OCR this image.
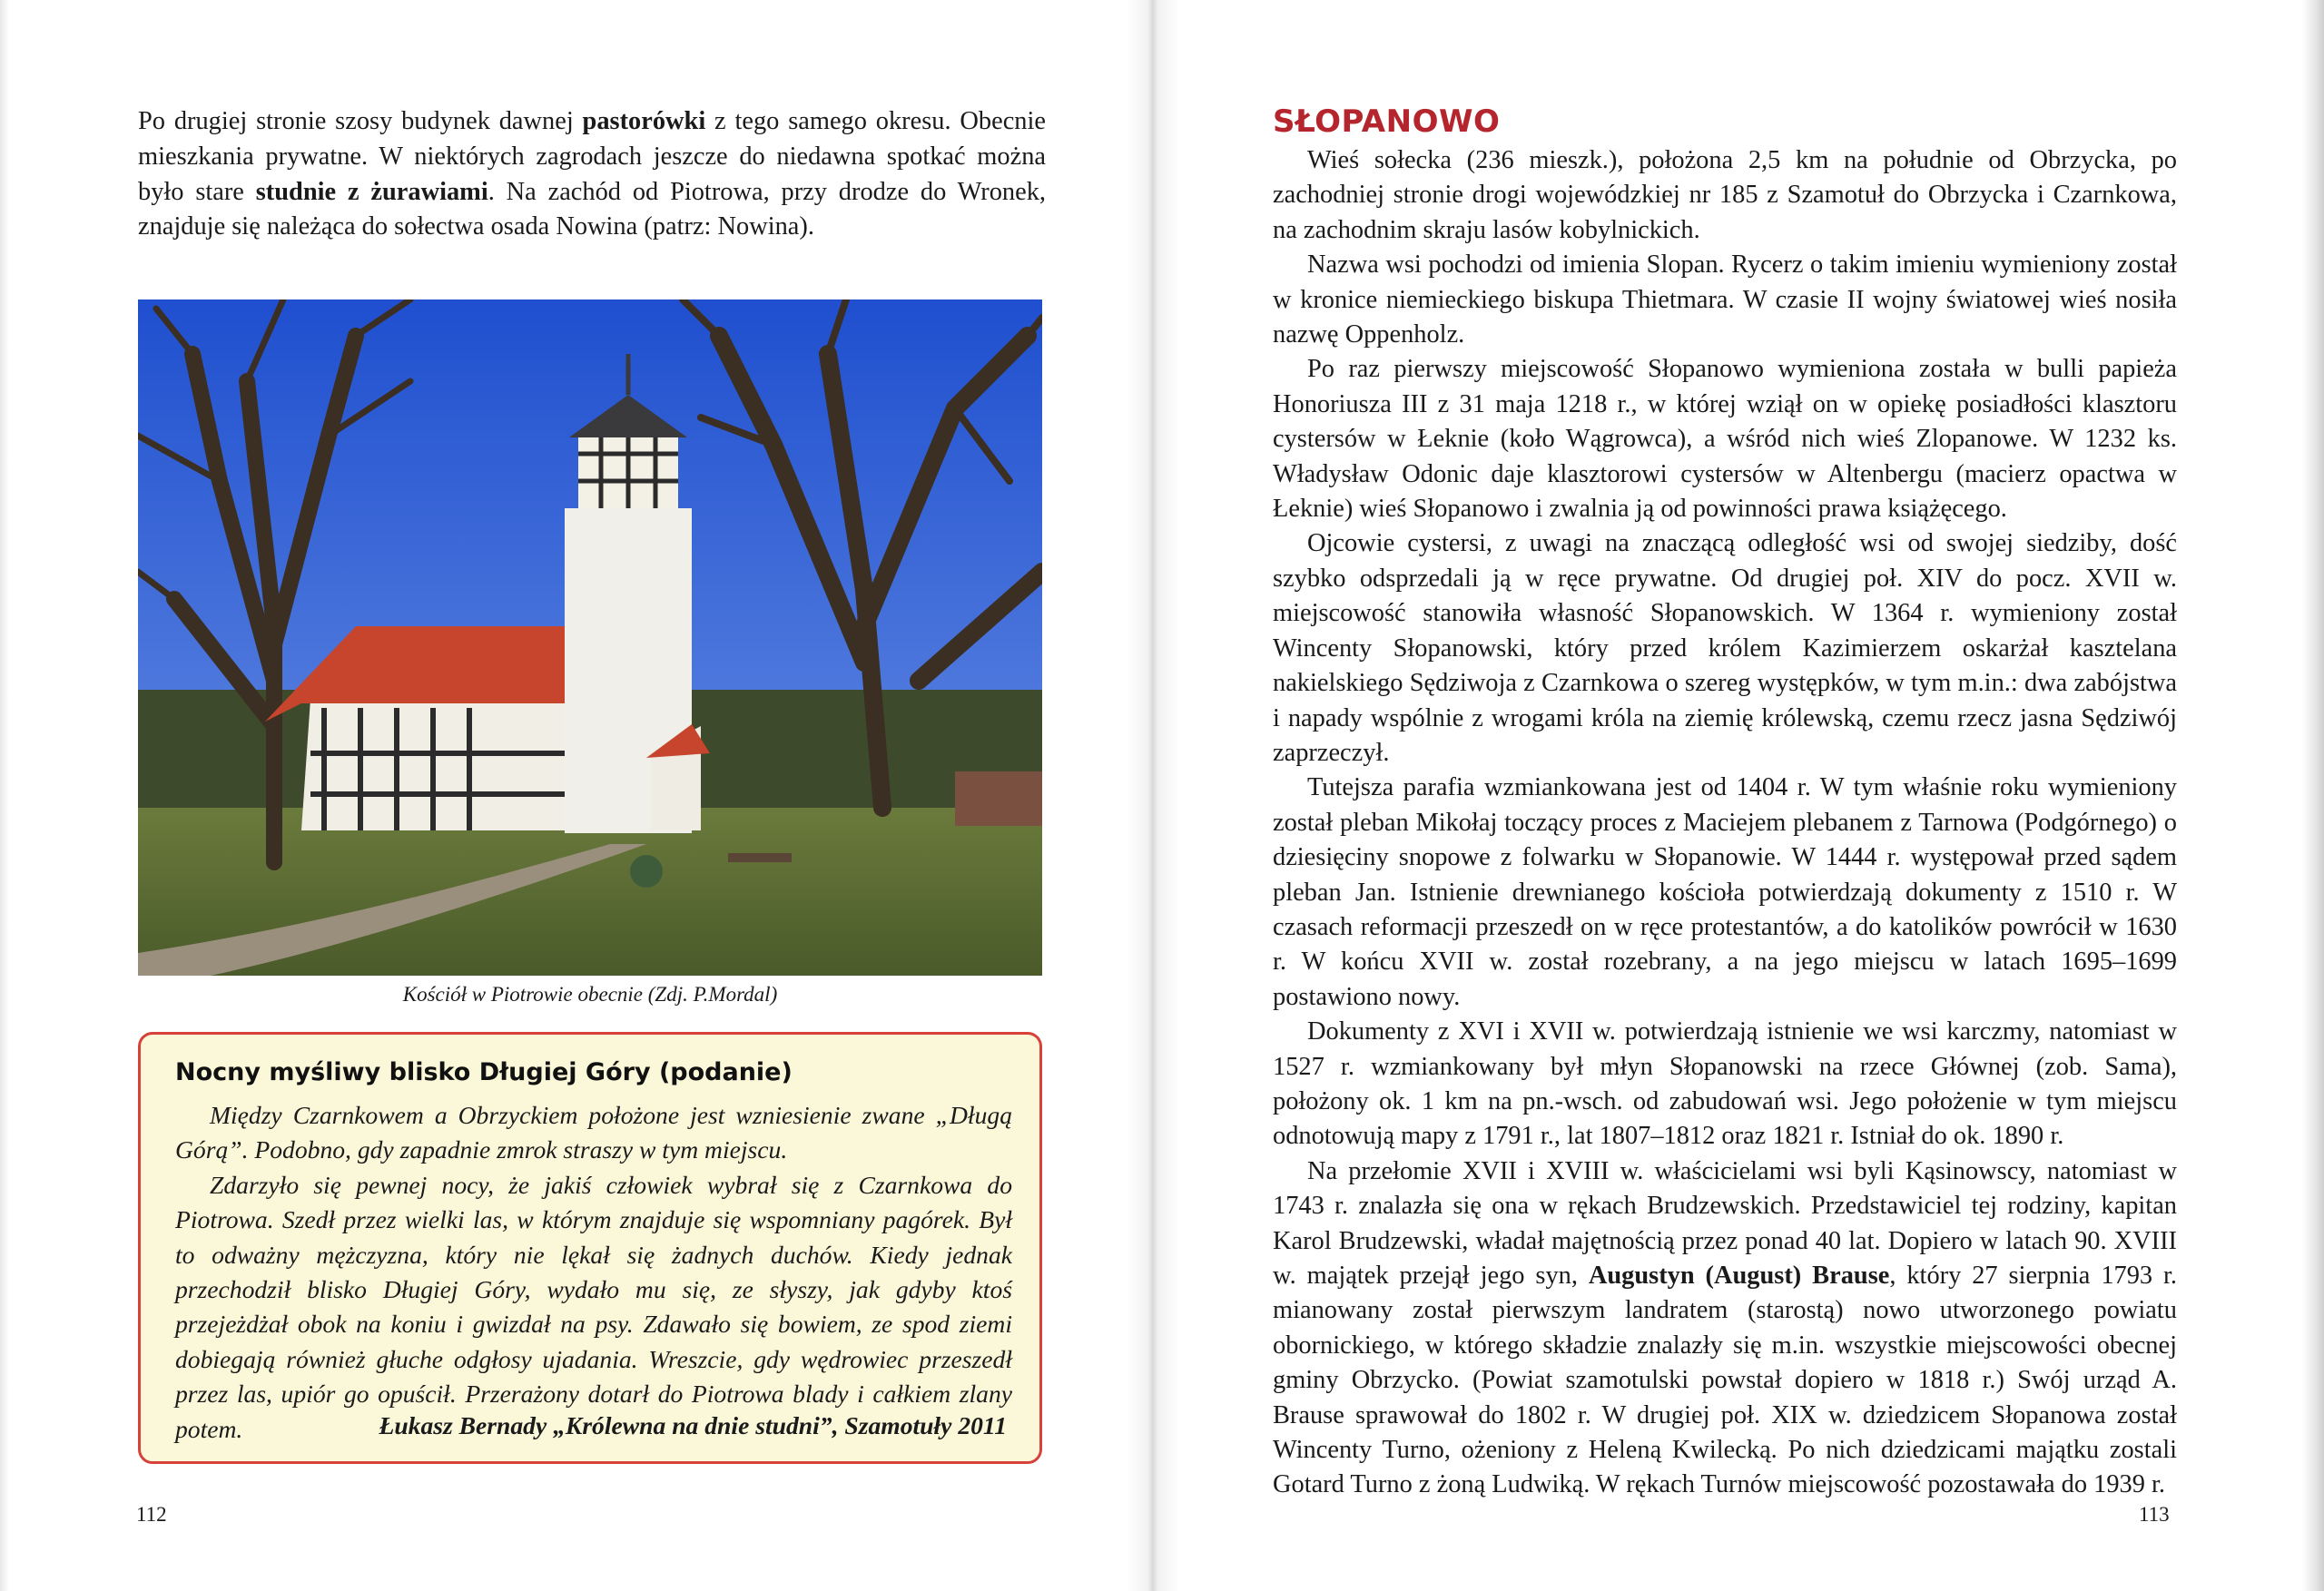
Po drugiej stronie szosy budynek dawnej pastorówki z tego samego okresu. Obecnie mieszkania prywatne. W niektórych zagrodach jeszcze do niedawna spotkać można było stare studnie z żurawiami. Na zachód od Piotrowa, przy drodze do Wronek, znajduje się należąca do sołectwa osada Nowina (patrz: Nowina).

Kościół w Piotrowie obecnie (Zdj. P.Mordal)
Nocny myśliwy blisko Długiej Góry (podanie)

Między Czarnkowem a Obrzyckiem położone jest wzniesienie zwane „Długą Górą”. Podobno, gdy zapadnie zmrok straszy w tym miejscu.

Zdarzyło się pewnej nocy, że jakiś człowiek wybrał się z Czarnkowa do Piotrowa. Szedł przez wielki las, w którym znajduje się wspomniany pagórek. Był to odważny mężczyzna, który nie lękał się żadnych duchów. Kiedy jednak przechodził blisko Długiej Góry, wydało mu się, ze słyszy, jak gdyby ktoś przejeżdżał obok na koniu i gwizdał na psy. Zdawało się bowiem, ze spod ziemi dobiegają również głuche odgłosy ujadania. Wreszcie, gdy wędrowiec przeszedł przez las, upiór go opuścił. Przerażony dotarł do Piotrowa blady i całkiem zlany potem.	Łukasz Bernady „Królewna na dnie studni”, Szamotuły 2011

112
SŁOPANOWO

Wieś sołecka (236 mieszk.), położona 2,5 km na południe od Obrzycka, po zachodniej stronie drogi wojewódzkiej nr 185 z Szamotuł do Obrzycka i Czarnkowa, na zachodnim skraju lasów kobylnickich.

Nazwa wsi pochodzi od imienia Slopan. Rycerz o takim imieniu wymieniony został w kronice niemieckiego biskupa Thietmara. W czasie II wojny światowej wieś nosiła nazwę Oppenholz.

Po raz pierwszy miejscowość Słopanowo wymieniona została w bulli papieża Honoriusza III z 31 maja 1218 r., w której wziął on w opiekę posiadłości klasztoru cystersów w Łeknie (koło Wągrowca), a wśród nich wieś Zlopanowe. W 1232 ks. Władysław Odonic daje klasztorowi cystersów w Altenbergu (macierz opactwa w Łeknie) wieś Słopanowo i zwalnia ją od powinności prawa książęcego.

Ojcowie cystersi, z uwagi na znaczącą odległość wsi od swojej siedziby, dość szybko odsprzedali ją w ręce prywatne. Od drugiej poł. XIV do pocz. XVII w. miejscowość stanowiła własność Słopanowskich. W 1364 r. wymieniony został Wincenty Słopanowski, który przed królem Kazimierzem oskarżał kasztelana nakielskiego Sędziwoja z Czarnkowa o szereg występków, w tym m.in.: dwa zabójstwa i napady wspólnie z wrogami króla na ziemię królewską, czemu rzecz jasna Sędziwój zaprzeczył.

Tutejsza parafia wzmiankowana jest od 1404 r. W tym właśnie roku wymieniony został pleban Mikołaj toczący proces z Maciejem plebanem z Tarnowa (Podgórnego) o dziesięciny snopowe z folwarku w Słopanowie. W 1444 r. występował przed sądem pleban Jan. Istnienie drewnianego kościoła potwierdzają dokumenty z 1510 r. W czasach reformacji przeszedł on w ręce protestantów, a do katolików powrócił w 1630 r. W końcu XVII w. został rozebrany, a na jego miejscu w latach 1695–1699 postawiono nowy.

Dokumenty z XVI i XVII w. potwierdzają istnienie we wsi karczmy, natomiast w 1527 r. wzmiankowany był młyn Słopanowski na rzece Głównej (zob. Sama), położony ok. 1 km na pn.-wsch. od zabudowań wsi. Jego położenie w tym miejscu odnotowują mapy z 1791 r., lat 1807–1812 oraz 1821 r. Istniał do ok. 1890 r.

Na przełomie XVII i XVIII w. właścicielami wsi byli Kąsinowscy, natomiast w 1743 r. znalazła się ona w rękach Brudzewskich. Przedstawiciel tej rodziny, kapitan Karol Brudzewski, władał majętnością przez ponad 40 lat. Dopiero w latach 90. XVIII w. majątek przejął jego syn, Augustyn (August) Brause, który 27 sierpnia 1793 r. mianowany został pierwszym landratem (starostą) nowo utworzonego powiatu obornickiego, w którego składzie znalazły się m.in. wszystkie miejscowości obecnej gminy Obrzycko. (Powiat szamotulski powstał dopiero w 1818 r.) Swój urząd A. Brause sprawował do 1802 r. W drugiej poł. XIX w. dziedzicem Słopanowa został Wincenty Turno, ożeniony z Heleną Kwilecką. Po nich dziedzicami majątku zostali Gotard Turno z żoną Ludwiką. W rękach Turnów miejscowość pozostawała do 1939 r.

113
